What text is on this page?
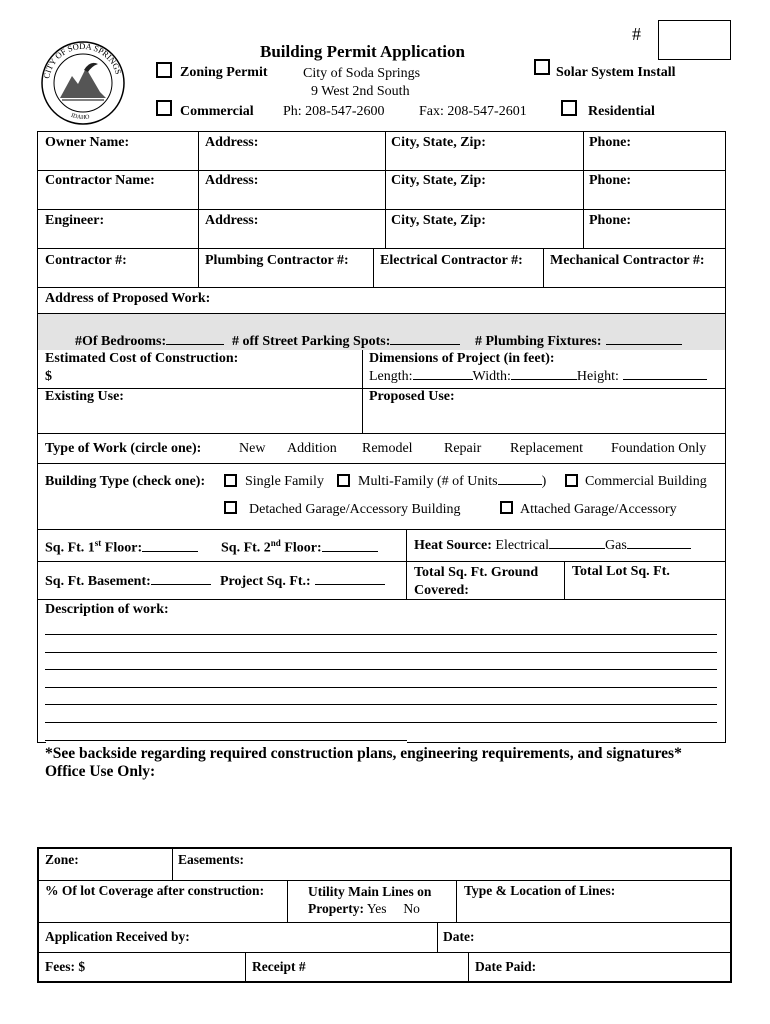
#
CITY OF SODA SPRINGS
IDAHO
Building Permit Application
City of Soda Springs
9 West 2nd South
Ph: 208-547-2600 Fax: 208-547-2601
Zoning Permit
Commercial
Solar System Install
Residential
Owner Name:	Address:	City, State, Zip:	Phone:
Contractor Name:	Address:	City, State, Zip:	Phone:
Engineer:	Address:	City, State, Zip:	Phone:
Contractor #:	Plumbing Contractor #: Electrical Contractor #: Mechanical Contractor #:
Address of Proposed Work:
#Of Bedrooms:	# off Street Parking Spots:	# Plumbing Fixtures:
Estimated Cost of Construction:
$
Dimensions of Project (in feet):
Length:	Width:	Height:
Existing Use:	Proposed Use:
Type of Work (circle one):	New Addition Remodel Repair Replacement Foundation Only
Building Type (check one):	Single Family Multi-Family (# of Units	)	Commercial Building
Detached Garage/Accessory Building	Attached Garage/Accessory
Sq. Ft. 1st Floor:	Sq. Ft. 2nd Floor:	Heat Source: Electrical	Gas
Sq. Ft. Basement:	Project Sq. Ft.:
Total Sq. Ft. Ground Covered:
Total Lot Sq. Ft.
Description of work:
*See backside regarding required construction plans, engineering requirements, and signatures*
Office Use Only:
Zone:	Easements:
% Of lot Coverage after construction:	Utility Main Lines on
Property: Yes No
Type & Location of Lines:
Application Received by:	Date:
Fees: $	Receipt #	Date Paid:
